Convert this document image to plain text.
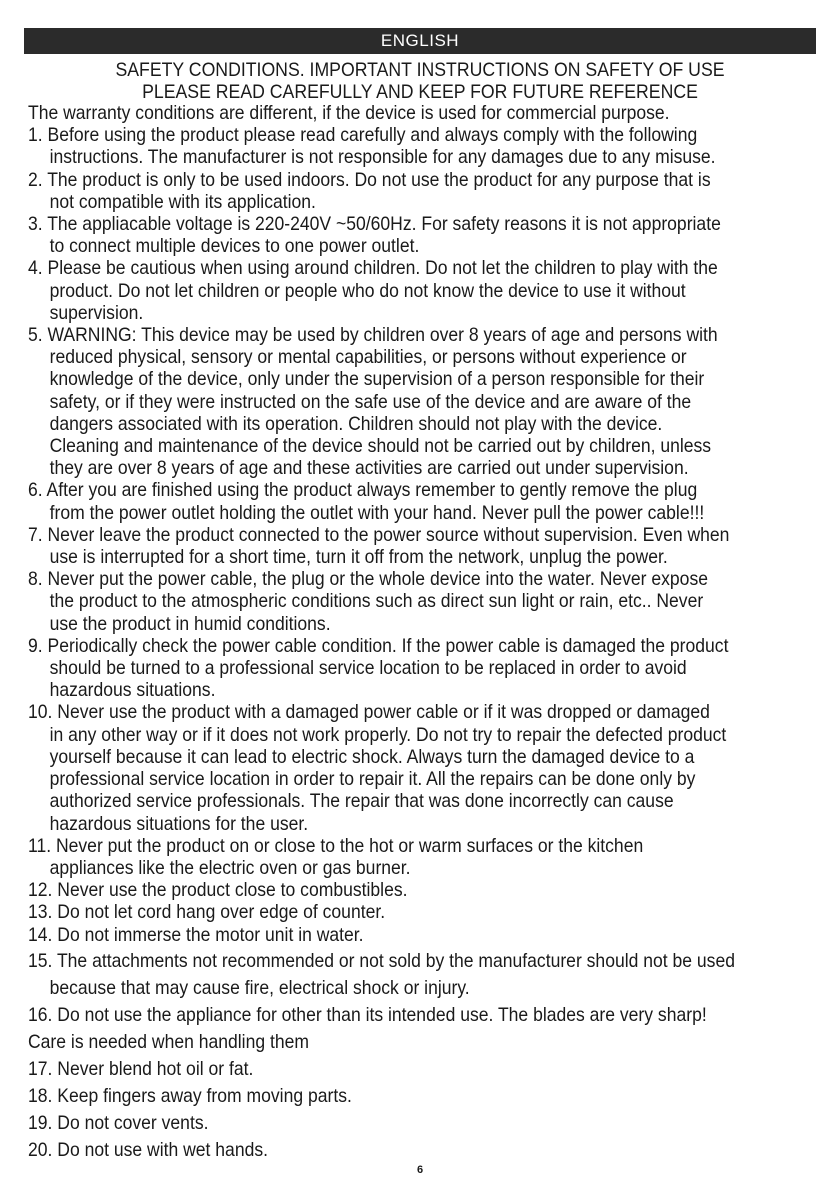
ENGLISH
SAFETY CONDITIONS. IMPORTANT INSTRUCTIONS ON SAFETY OF USE
PLEASE READ CAREFULLY AND KEEP FOR FUTURE REFERENCE

The warranty conditions are different, if the device is used for commercial purpose.

1. Before using the product please read carefully and always comply with the following

instructions. The manufacturer is not responsible for any damages due to any misuse.

2. The product is only to be used indoors. Do not use the product for any purpose that is

not compatible with its application.

3. The appliacable voltage is 220-240V ~50/60Hz. For safety reasons it is not appropriate

to connect multiple devices to one power outlet.

4. Please be cautious when using around children. Do not let the children to play with the

product. Do not let children or people who do not know the device to use it without

supervision.

5. WARNING: This device may be used by children over 8 years of age and persons with

reduced physical, sensory or mental capabilities, or persons without experience or

knowledge of the device, only under the supervision of a person responsible for their

safety, or if they were instructed on the safe use of the device and are aware of the

dangers associated with its operation. Children should not play with the device.

Cleaning and maintenance of the device should not be carried out by children, unless

they are over 8 years of age and these activities are carried out under supervision.

6. After you are finished using the product always remember to gently remove the plug

from the power outlet holding the outlet with your hand. Never pull the power cable!!!

7. Never leave the product connected to the power source without supervision. Even when

use is interrupted for a short time, turn it off from the network, unplug the power.

8. Never put the power cable, the plug or the whole device into the water. Never expose

the product to the atmospheric conditions such as direct sun light or rain, etc.. Never

use the product in humid conditions.

9. Periodically check the power cable condition. If the power cable is damaged the product

should be turned to a professional service location to be replaced in order to avoid

hazardous situations.

10. Never use the product with a damaged power cable or if it was dropped or damaged

in any other way or if it does not work properly. Do not try to repair the defected product

yourself because it can lead to electric shock. Always turn the damaged device to a

professional service location in order to repair it. All the repairs can be done only by

authorized service professionals. The repair that was done incorrectly can cause

hazardous situations for the user.

11. Never put the product on or close to the hot or warm surfaces or the kitchen

appliances like the electric oven or gas burner.

12. Never use the product close to combustibles.

13. Do not let cord hang over edge of counter.

14. Do not immerse the motor unit in water.

15. The attachments not recommended or not sold by the manufacturer should not be used

because that may cause fire, electrical shock or injury.

16. Do not use the appliance for other than its intended use. The blades are very sharp!

Care is needed when handling them

17. Never blend hot oil or fat.

18. Keep fingers away from moving parts.

19. Do not cover vents.

20. Do not use with wet hands.

6
